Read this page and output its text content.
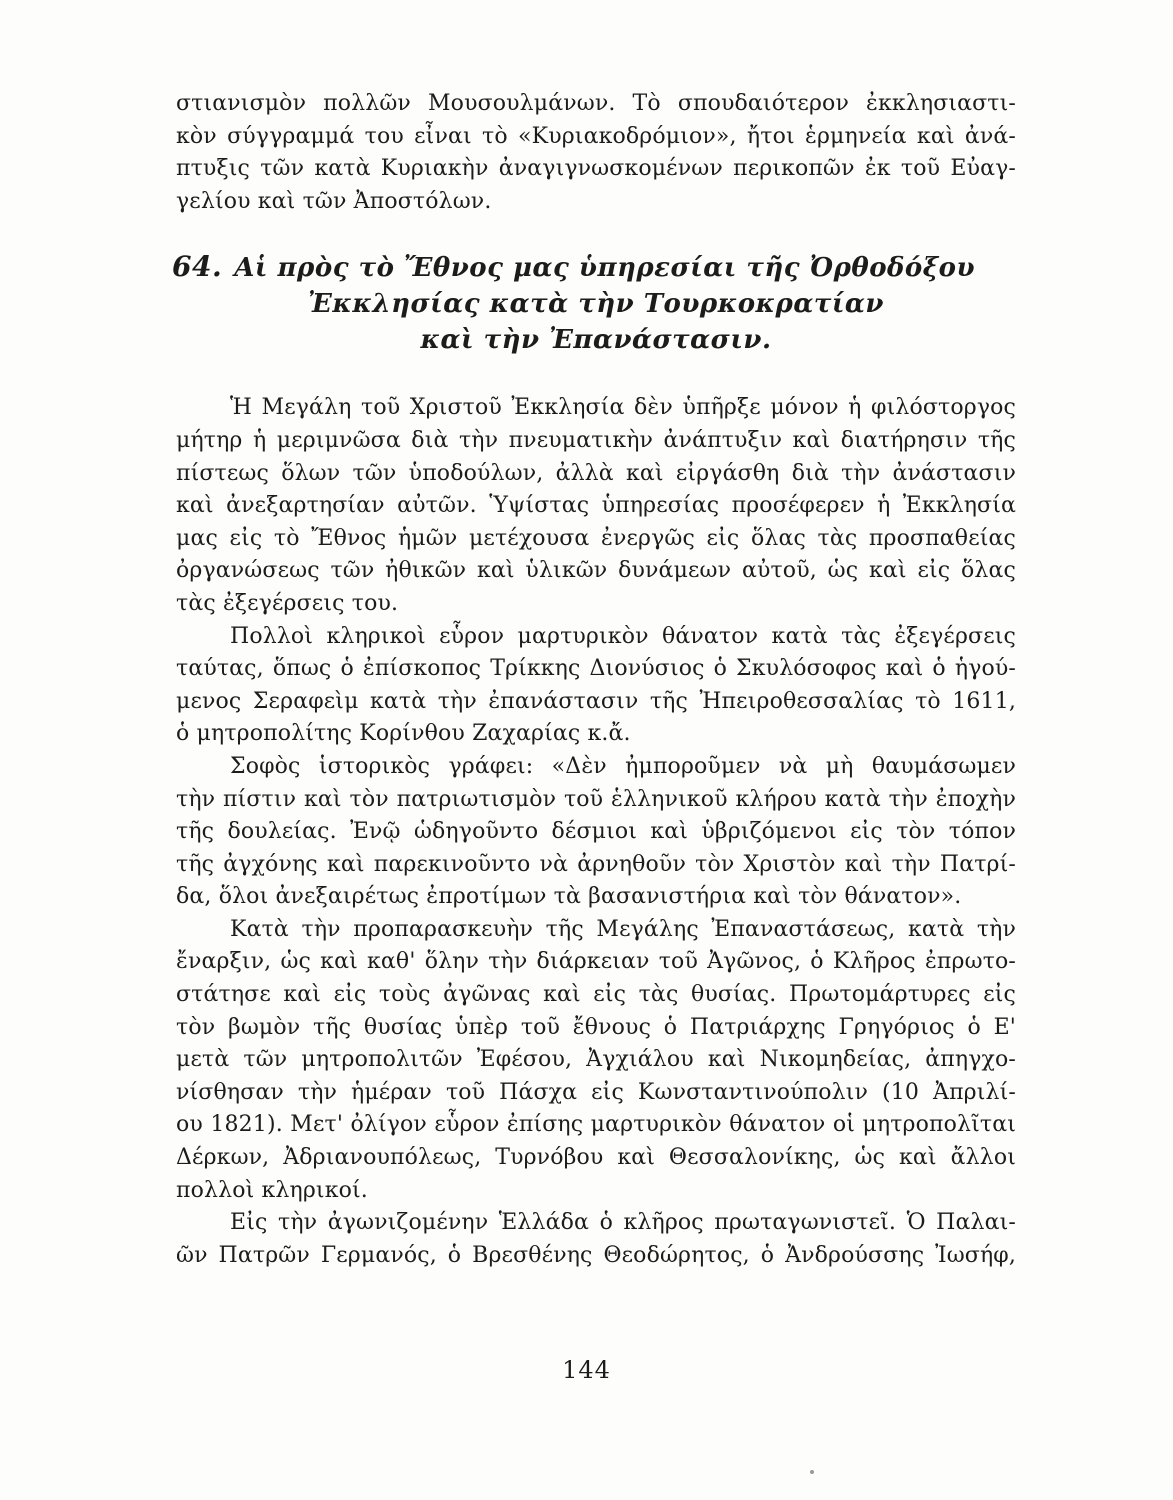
στιανισμὸν πολλῶν Μουσουλμάνων. Τὸ σπουδαιότερον ἐκκλησιαστι-
κὸν σύγγραμμά του εἶναι τὸ «Κυριακοδρόμιον», ἤτοι ἑρμηνεία καὶ ἀνά-
πτυξις τῶν κατὰ Κυριακὴν ἀναγιγνωσκομένων περικοπῶν ἐκ τοῦ Εὐαγ-
γελίου καὶ τῶν Ἀποστόλων.

64. Αἱ πρὸς τὸ Ἔθνος μας ὑπηρεσίαι τῆς Ὀρθοδόξου
Ἐκκλησίας κατὰ τὴν Τουρκοκρατίαν
καὶ τὴν Ἐπανάστασιν.

Ἡ Μεγάλη τοῦ Χριστοῦ Ἐκκλησία δὲν ὑπῆρξε μόνον ἡ φιλόστοργος
μήτηρ ἡ μεριμνῶσα διὰ τὴν πνευματικὴν ἀνάπτυξιν καὶ διατήρησιν τῆς
πίστεως ὅλων τῶν ὑποδούλων, ἀλλὰ καὶ εἰργάσθη διὰ τὴν ἀνάστασιν
καὶ ἀνεξαρτησίαν αὐτῶν. Ὑψίστας ὑπηρεσίας προσέφερεν ἡ Ἐκκλησία
μας εἰς τὸ Ἔθνος ἡμῶν μετέχουσα ἐνεργῶς εἰς ὅλας τὰς προσπαθείας
ὀργανώσεως τῶν ἠθικῶν καὶ ὑλικῶν δυνάμεων αὐτοῦ, ὡς καὶ εἰς ὅλας
τὰς ἐξεγέρσεις του.

Πολλοὶ κληρικοὶ εὗρον μαρτυρικὸν θάνατον κατὰ τὰς ἐξεγέρσεις
ταύτας, ὅπως ὁ ἐπίσκοπος Τρίκκης Διονύσιος ὁ Σκυλόσοφος καὶ ὁ ἡγού-
μενος Σεραφεὶμ κατὰ τὴν ἐπανάστασιν τῆς Ἠπειροθεσσαλίας τὸ 1611,
ὁ μητροπολίτης Κορίνθου Ζαχαρίας κ.ἄ.

Σοφὸς ἱστορικὸς γράφει: «Δὲν ἠμποροῦμεν νὰ μὴ θαυμάσωμεν
τὴν πίστιν καὶ τὸν πατριωτισμὸν τοῦ ἑλληνικοῦ κλήρου κατὰ τὴν ἐποχὴν
τῆς δουλείας. Ἐνῷ ὡδηγοῦντο δέσμιοι καὶ ὑβριζόμενοι εἰς τὸν τόπον
τῆς ἀγχόνης καὶ παρεκινοῦντο νὰ ἀρνηθοῦν τὸν Χριστὸν καὶ τὴν Πατρί-
δα, ὅλοι ἀνεξαιρέτως ἐπροτίμων τὰ βασανιστήρια καὶ τὸν θάνατον».

Κατὰ τὴν προπαρασκευὴν τῆς Μεγάλης Ἐπαναστάσεως, κατὰ τὴν
ἔναρξιν, ὡς καὶ καθ' ὅλην τὴν διάρκειαν τοῦ Ἀγῶνος, ὁ Κλῆρος ἐπρωτο-
στάτησε καὶ εἰς τοὺς ἀγῶνας καὶ εἰς τὰς θυσίας. Πρωτομάρτυρες εἰς
τὸν βωμὸν τῆς θυσίας ὑπὲρ τοῦ ἔθνους ὁ Πατριάρχης Γρηγόριος ὁ Ε'
μετὰ τῶν μητροπολιτῶν Ἐφέσου, Ἀγχιάλου καὶ Νικομηδείας, ἀπηγχο-
νίσθησαν τὴν ἡμέραν τοῦ Πάσχα εἰς Κωνσταντινούπολιν (10 Ἀπριλί-
ου 1821). Μετ' ὀλίγον εὗρον ἐπίσης μαρτυρικὸν θάνατον οἱ μητροπολῖται
Δέρκων, Ἀδριανουπόλεως, Τυρνόβου καὶ Θεσσαλονίκης, ὡς καὶ ἄλλοι
πολλοὶ κληρικοί.

Εἰς τὴν ἀγωνιζομένην Ἑλλάδα ὁ κλῆρος πρωταγωνιστεῖ. Ὁ Παλαι-
ῶν Πατρῶν Γερμανός, ὁ Βρεσθένης Θεοδώρητος, ὁ Ἀνδρούσσης Ἰωσήφ,

144
